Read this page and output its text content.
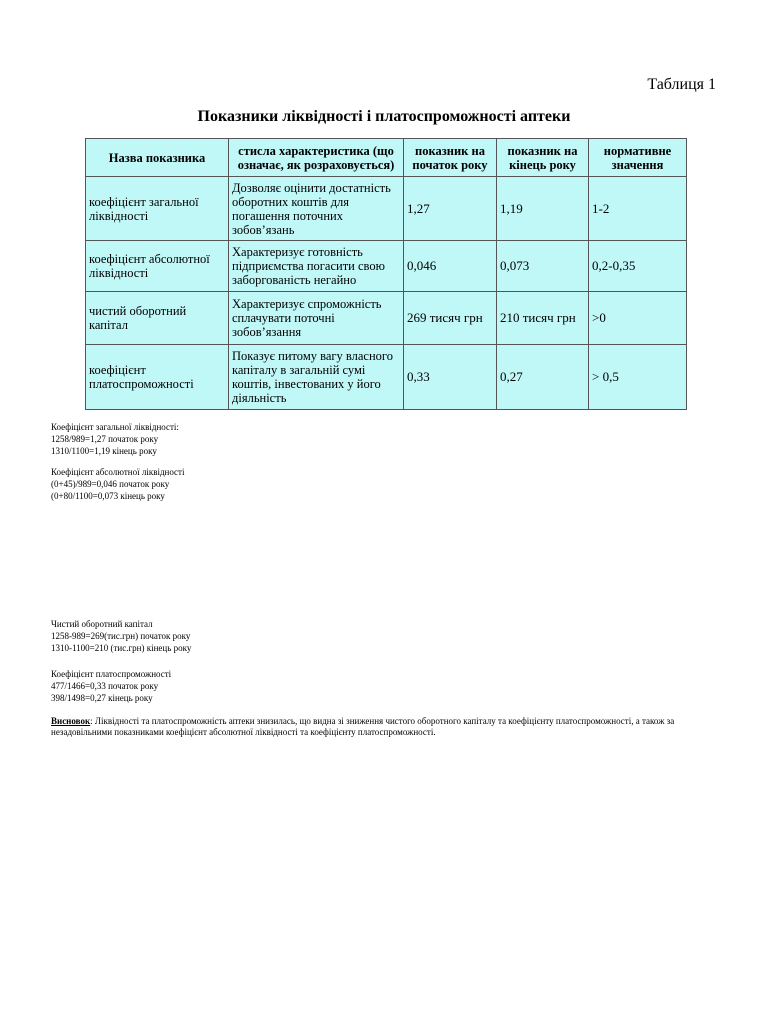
Таблиця 1
Показники ліквідності і платоспроможності аптеки
Назва показника	стисла характеристика (що означає, як розраховується)	показник на початок року	показник на кінець року	нормативне значення
коефіцієнт загальної ліквідності	Дозволяє оцінити достатність оборотних коштів для погашення поточних зобов’язань	1,27	1,19	1-2
коефіцієнт абсолютної ліквідності	Характеризує готовність підприємства погасити свою заборгованість негайно	0,046	0,073	0,2-0,35
чистий оборотний капітал	Характеризує спроможність сплачувати поточні зобов’язання	269 тисяч грн	210 тисяч грн	>0
коефіцієнт платоспроможності	Показує питому вагу власного капіталу в загальній сумі коштів, інвестованих у його діяльність	0,33	0,27	> 0,5

Коефіцієнт загальної ліквідності:

1258/989=1,27 початок року

1310/1100=1,19 кінець року

Коефіцієнт абсолютної ліквідності

(0+45)/989=0,046 початок року

(0+80/1100=0,073 кінець року

Чистий оборотний капітал

1258-989=269(тис.грн) початок року

1310-1100=210 (тис.грн) кінець року

Коефіцієнт платоспроможності

477/1466=0,33 початок року

398/1498=0,27 кінець року

Висновок: Ліквідності та платоспроможність аптеки знизилась, що видна зі зниження чистого оборотного капіталу та коефіцієнту платоспроможності, а також за незадовільними показниками коефіцієнт абсолютної ліквідності та коефіцієнту платоспроможності.
